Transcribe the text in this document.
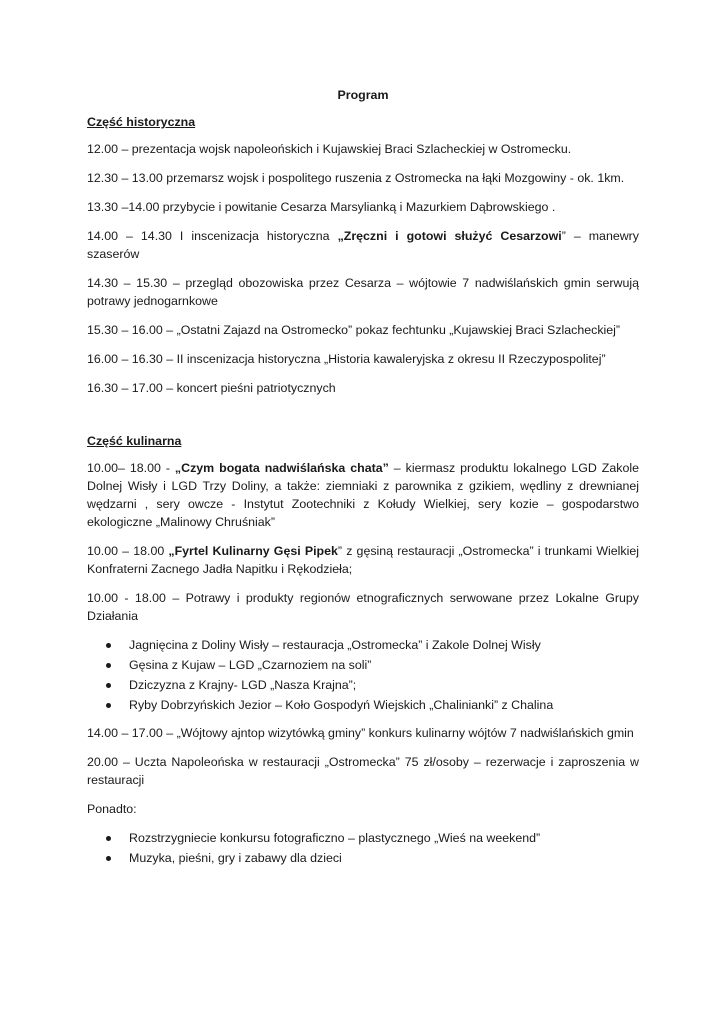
Program
Część historyczna

12.00 – prezentacja wojsk napoleońskich i Kujawskiej Braci Szlacheckiej w Ostromecku.

12.30 – 13.00 przemarsz wojsk i pospolitego ruszenia z Ostromecka na łąki Mozgowiny - ok. 1km.

13.30 –14.00 przybycie i powitanie Cesarza Marsylianką i Mazurkiem Dąbrowskiego .

14.00 – 14.30 I inscenizacja historyczna „Zręczni i gotowi służyć Cesarzowi” – manewry szaserów

14.30 – 15.30 – przegląd obozowiska przez Cesarza – wójtowie 7 nadwiślańskich gmin serwują potrawy jednogarnkowe

15.30 – 16.00 – „Ostatni Zajazd na Ostromecko” pokaz fechtunku „Kujawskiej Braci Szlacheckiej”

16.00 – 16.30 – II inscenizacja historyczna „Historia kawaleryjska z okresu II Rzeczypospolitej”

16.30 – 17.00 – koncert pieśni patriotycznych

Część kulinarna

10.00– 18.00 - „Czym bogata nadwiślańska chata” – kiermasz produktu lokalnego LGD Zakole Dolnej Wisły i LGD Trzy Doliny, a także: ziemniaki z parownika z gzikiem, wędliny z drewnianej wędzarni , sery owcze - Instytut Zootechniki z Kołudy Wielkiej, sery kozie – gospodarstwo ekologiczne „Malinowy Chruśniak”

10.00 – 18.00 „Fyrtel Kulinarny Gęsi Pipek” z gęsiną restauracji „Ostromecka” i trunkami Wielkiej Konfraterni Zacnego Jadła Napitku i Rękodzieła;

10.00 - 18.00 – Potrawy i produkty regionów etnograficznych serwowane przez Lokalne Grupy Działania

Jagnięcina z Doliny Wisły – restauracja „Ostromecka” i Zakole Dolnej Wisły
Gęsina z Kujaw – LGD „Czarnoziem na soli”
Dziczyzna z Krajny- LGD „Nasza Krajna”;
Ryby Dobrzyńskich Jezior – Koło Gospodyń Wiejskich „Chalinianki” z Chalina

14.00 – 17.00 – „Wójtowy ajntop wizytówką gminy” konkurs kulinarny wójtów 7 nadwiślańskich gmin

20.00 – Uczta Napoleońska w restauracji „Ostromecka” 75 zł/osoby – rezerwacje i zaproszenia w restauracji

Ponadto:

Rozstrzygniecie konkursu fotograficzno – plastycznego „Wieś na weekend”
Muzyka, pieśni, gry i zabawy dla dzieci
